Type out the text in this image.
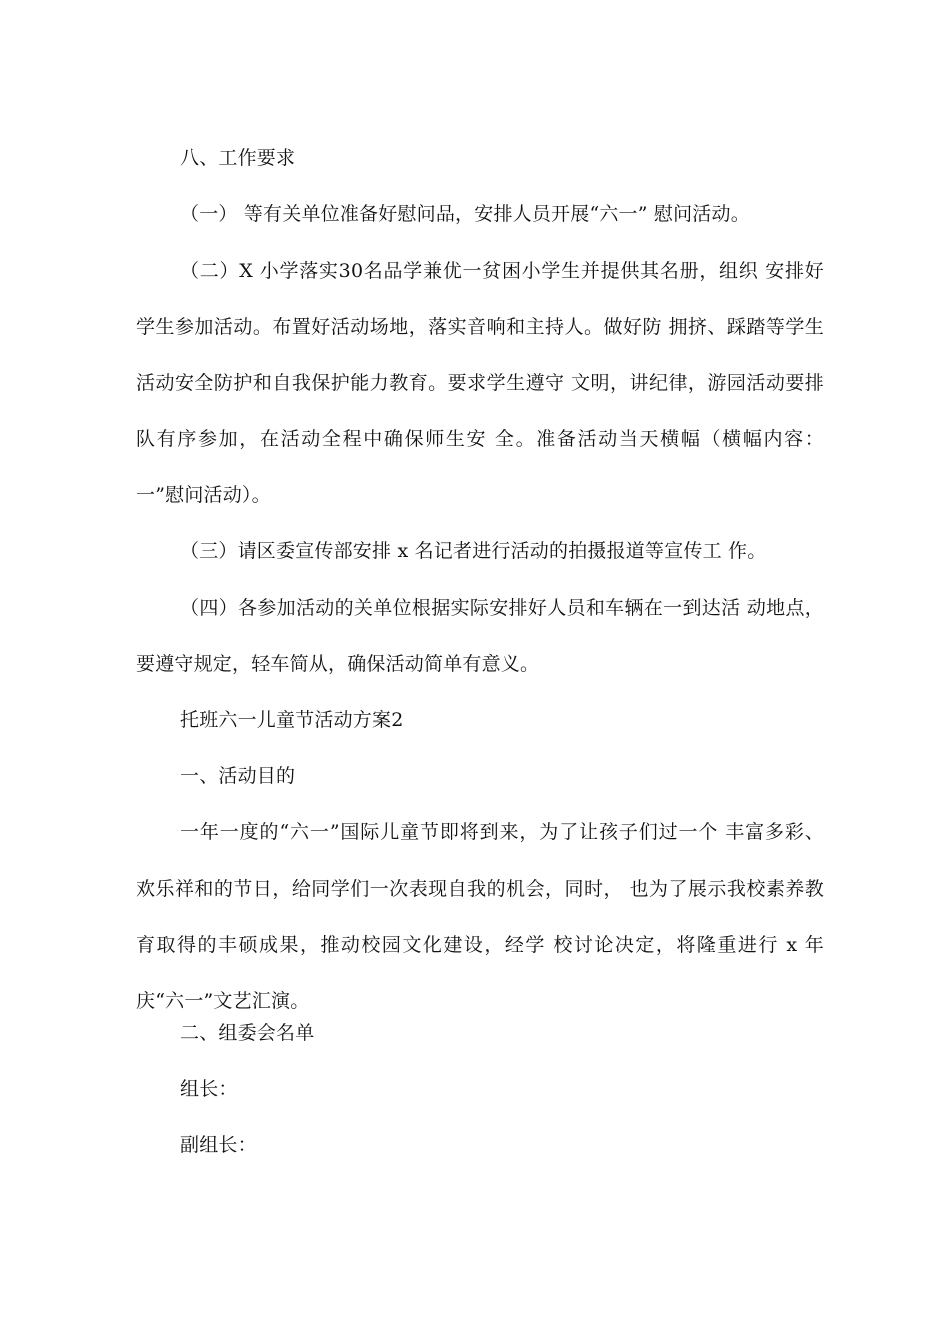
八、工作要求
（一） 等有关单位准备好慰问品，安排人员开展“六一” 慰问活动。
（二）X 小学落实30名品学兼优一贫困小学生并提供其名册，组织 安排好
学生参加活动。布置好活动场地，落实音响和主持人。做好防 拥挤、踩踏等学生
活动安全防护和自我保护能力教育。要求学生遵守 文明，讲纪律，游园活动要排
队有序参加，在活动全程中确保师生安 全。准备活动当天横幅（横幅内容：
一”慰问活动）。
（三）请区委宣传部安排 x 名记者进行活动的拍摄报道等宣传工 作。
（四）各参加活动的关单位根据实际安排好人员和车辆在一到达活 动地点，
要遵守规定，轻车简从，确保活动简单有意义。
托班六一儿童节活动方案2
一、活动目的
一年一度的“六一”国际儿童节即将到来，为了让孩子们过一个 丰富多彩、
欢乐祥和的节日，给同学们一次表现自我的机会，同时， 也为了展示我校素养教
育取得的丰硕成果，推动校园文化建设，经学 校讨论决定，将隆重进行 x 年
庆“六一”文艺汇演。
二、组委会名单
组长：
副组长：
